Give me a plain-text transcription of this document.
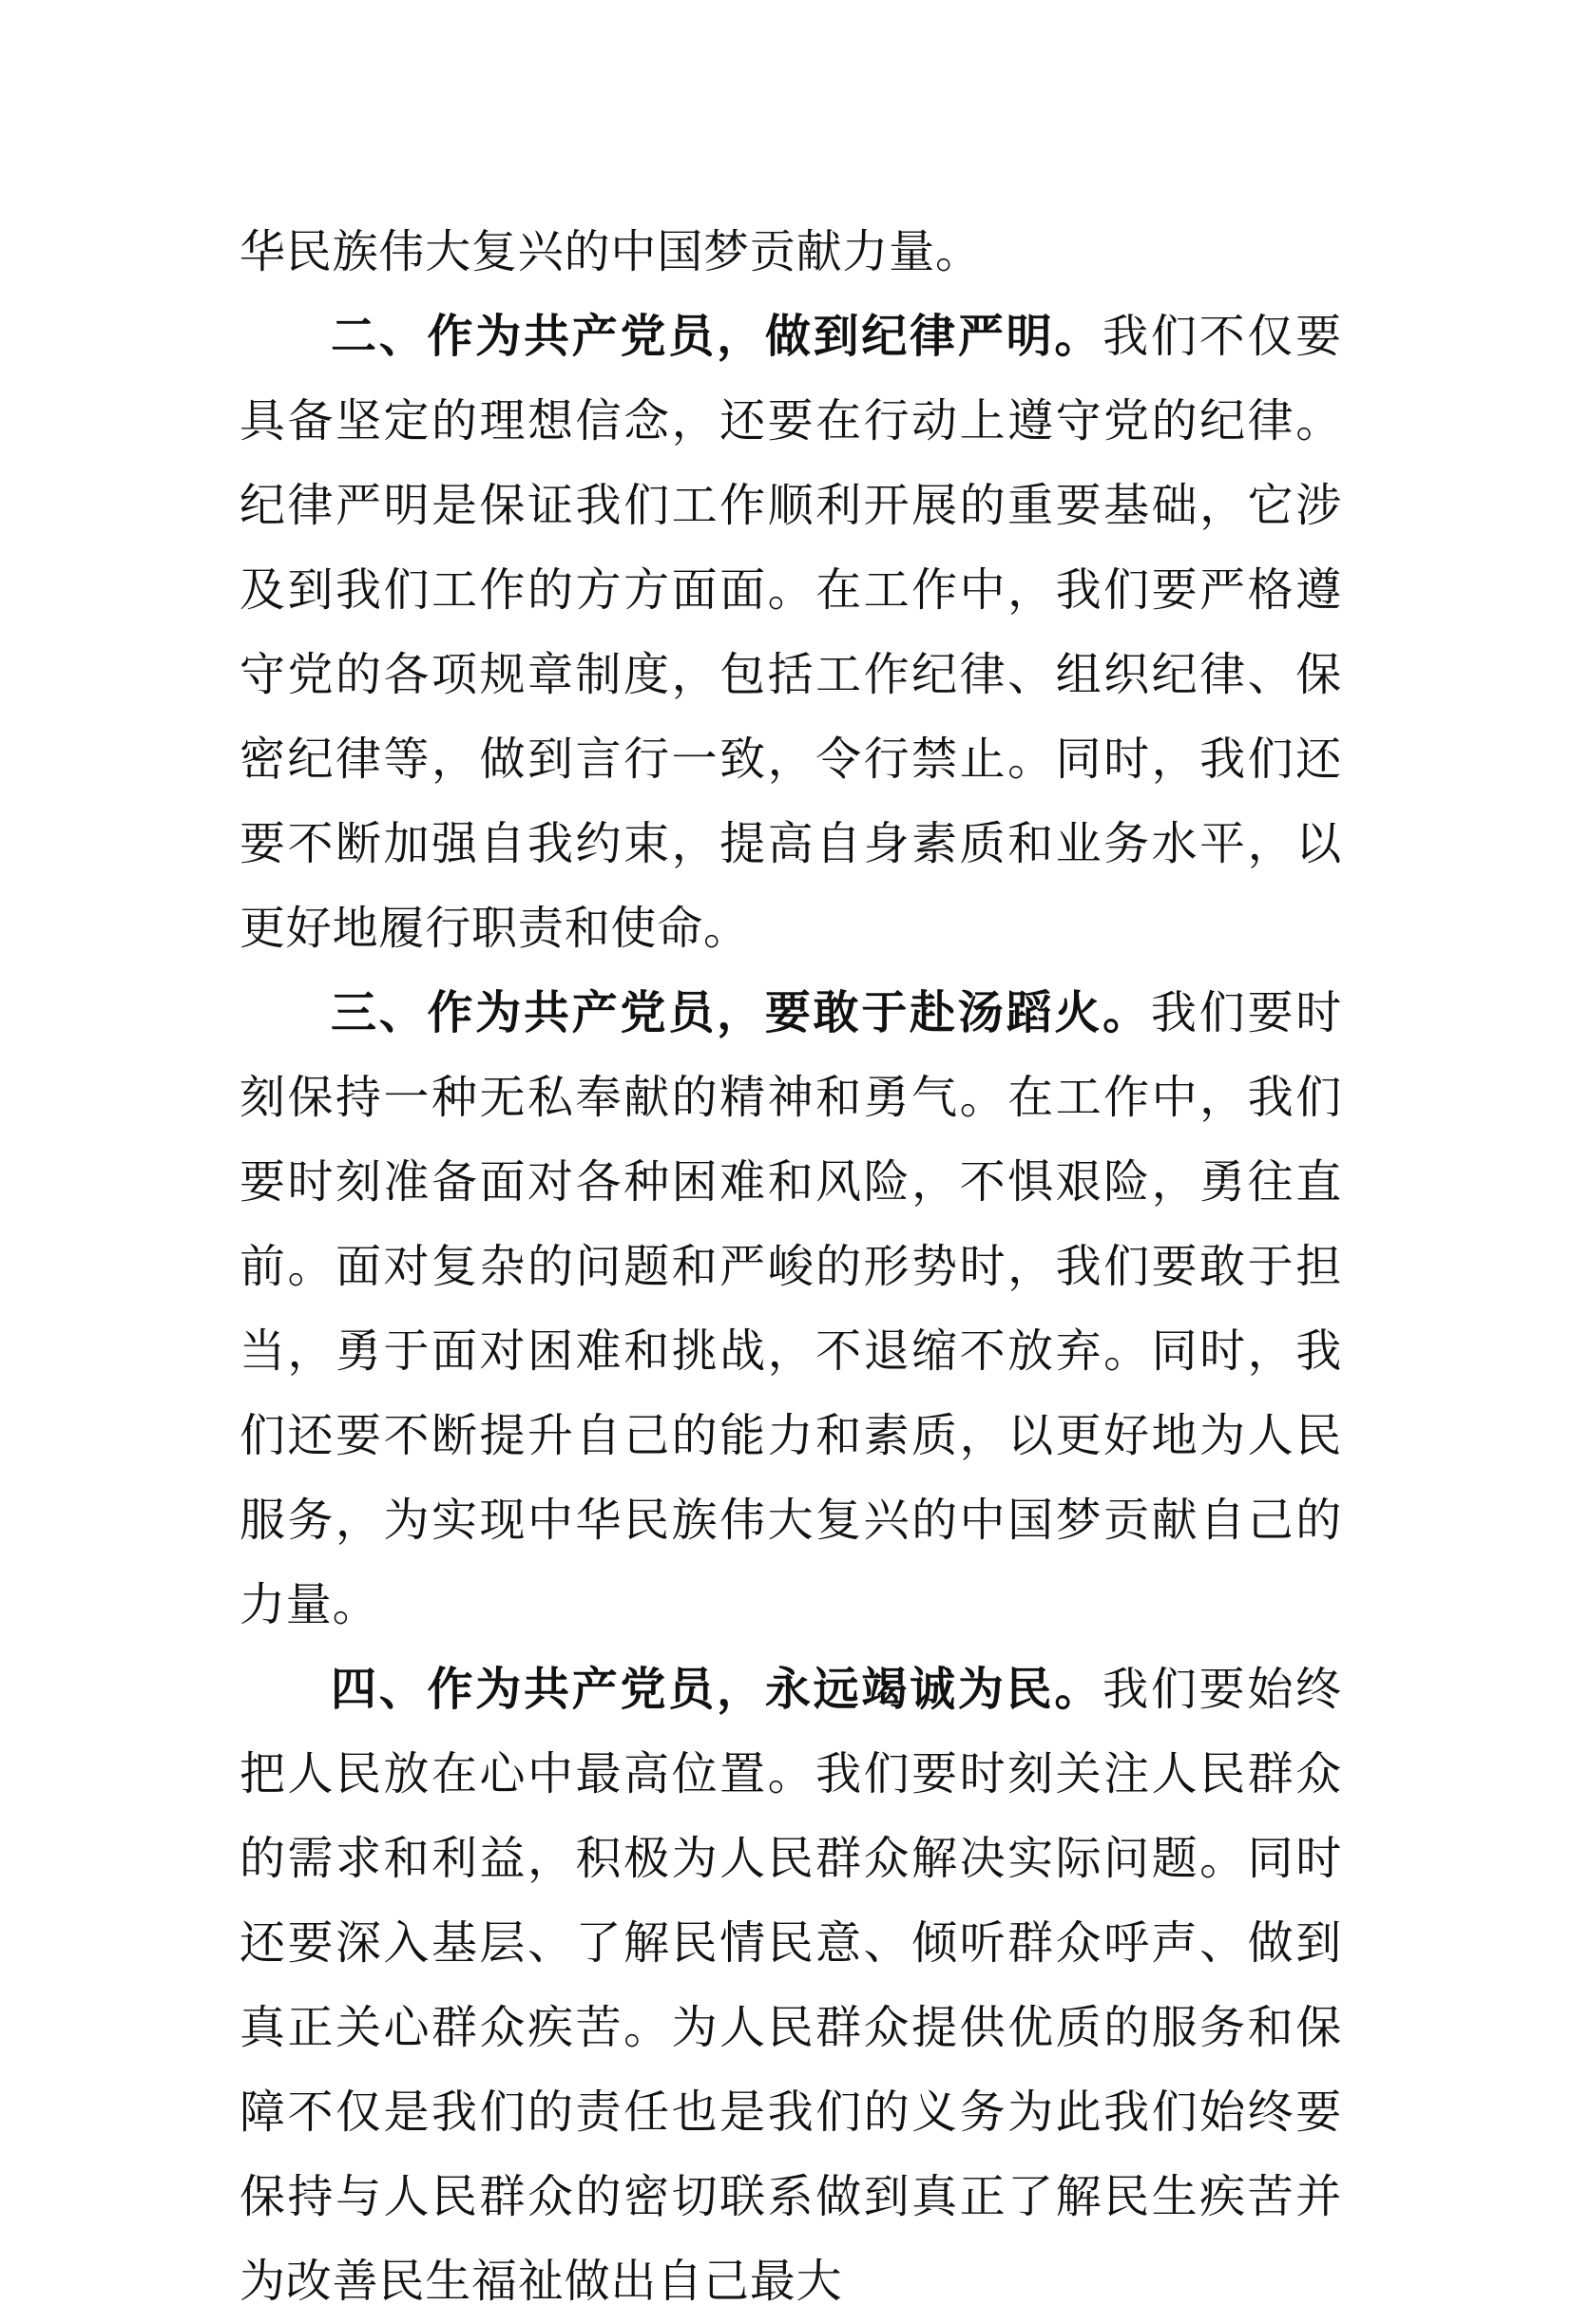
华民族伟大复兴的中国梦贡献力量。

二、作为共产党员，做到纪律严明。我们不仅要具备坚定的理想信念，还要在行动上遵守党的纪律。纪律严明是保证我们工作顺利开展的重要基础，它涉及到我们工作的方方面面。在工作中，我们要严格遵守党的各项规章制度，包括工作纪律、组织纪律、保密纪律等，做到言行一致，令行禁止。同时，我们还要不断加强自我约束，提高自身素质和业务水平，以更好地履行职责和使命。

三、作为共产党员，要敢于赴汤蹈火。我们要时刻保持一种无私奉献的精神和勇气。在工作中，我们要时刻准备面对各种困难和风险，不惧艰险，勇往直前。面对复杂的问题和严峻的形势时，我们要敢于担当，勇于面对困难和挑战，不退缩不放弃。同时，我们还要不断提升自己的能力和素质，以更好地为人民服务，为实现中华民族伟大复兴的中国梦贡献自己的力量。

四、作为共产党员，永远竭诚为民。我们要始终把人民放在心中最高位置。我们要时刻关注人民群众的需求和利益，积极为人民群众解决实际问题。同时还要深入基层、了解民情民意、倾听群众呼声、做到真正关心群众疾苦。为人民群众提供优质的服务和保障不仅是我们的责任也是我们的义务为此我们始终要保持与人民群众的密切联系做到真正了解民生疾苦并为改善民生福祉做出自己最大
